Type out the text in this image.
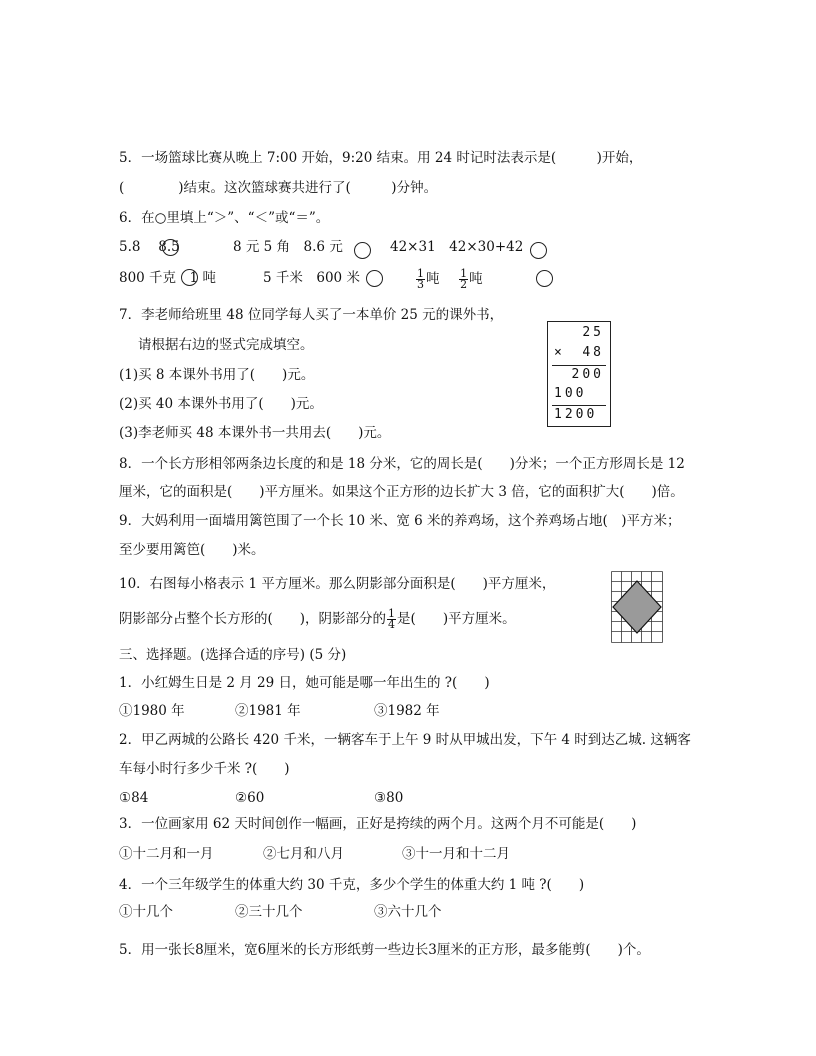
5．一场篮球比赛从晚上 7:00 开始，9:20 结束。用 24 时记时法表示是(　　　)开始，
(　　　　)结束。这次篮球赛共进行了(　　　)分钟。
6．在○里填上“＞”、“＜”或“＝”。
5.8　 8.5	8 元 5 角　8.6 元	42×31　42×30+42
800 千克　1 吨	5 千米　600 米	$\frac{1}{3}$ 吨 $\frac{1}{2}$ 吨
7．李老师给班里 48 位同学每人买了一本单价 25 元的课外书，
请根据右边的竖式完成填空。
(1)买 8 本课外书用了(　　)元。
(2)买 40 本课外书用了(　　)元。
(3)李老师买 48 本课外书一共用去(　　)元。
25
× 48
200
100
1200
8．一个长方形相邻两条边长度的和是 18 分米，它的周长是(　　)分米；一个正方形周长是 12
厘米，它的面积是(　　)平方厘米。如果这个正方形的边长扩大 3 倍，它的面积扩大(　　)倍。
9．大妈利用一面墙用篱笆围了一个长 10 米、宽 6 米的养鸡场，这个养鸡场占地(　)平方米；
至少要用篱笆(　　)米。
10．右图每小格表示 1 平方厘米。那么阴影部分面积是(　　)平方厘米，
阴影部分占整个长方形的(　　)，阴影部分的 $\frac{1}{4}$ 是(　　)平方厘米。
三、选择题。(选择合适的序号) (5 分)
1．小红姆生日是 2 月 29 日，她可能是哪一年出生的 ?(　　)
①1980 年	②1981 年	③1982 年
2．甲乙两城的公路长 420 千米，一辆客车于上午 9 时从甲城出发，下午 4 时到达乙城. 这辆客
车每小时行多少千米 ?(　　)
①84	②60	③80
3．一位画家用 62 天时间创作一幅画，正好是挎续的两个月。这两个月不可能是(　　)
①十二月和一月	②七月和八月	③十一月和十二月
4．一个三年级学生的体重大约 30 千克，多少个学生的体重大约 1 吨 ?(　　)
①十几个	②三十几个	③六十几个
5．用一张长8厘米，宽6厘米的长方形纸剪一些边长3厘米的正方形，最多能剪(　　)个。
